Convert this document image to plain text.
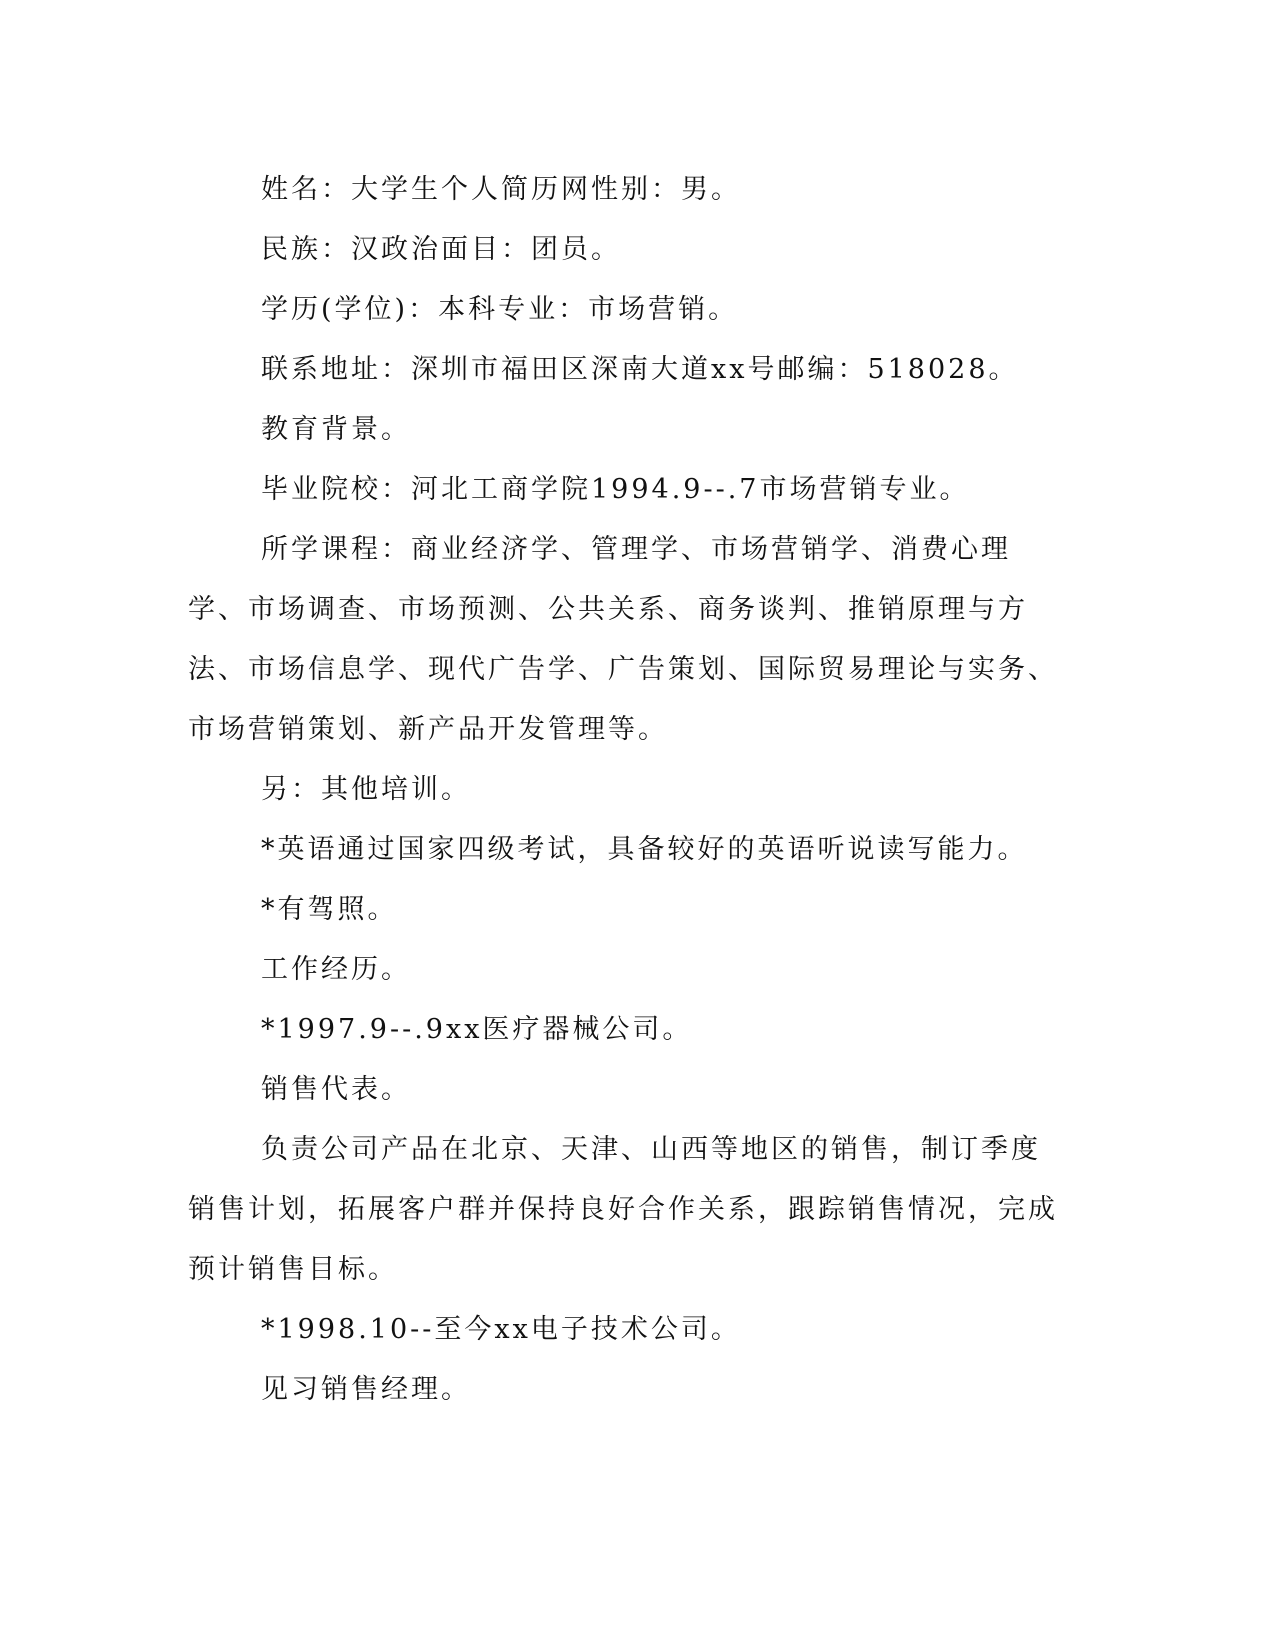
姓名：大学生个人简历网性别：男。

民族：汉政治面目：团员。

学历(学位)：本科专业：市场营销。

联系地址：深圳市福田区深南大道xx号邮编：518028。

教育背景。

毕业院校：河北工商学院1994.9--.7市场营销专业。

所学课程：商业经济学、管理学、市场营销学、消费心理学、市场调查、市场预测、公共关系、商务谈判、推销原理与方法、市场信息学、现代广告学、广告策划、国际贸易理论与实务、市场营销策划、新产品开发管理等。

另：其他培训。

*英语通过国家四级考试，具备较好的英语听说读写能力。

*有驾照。

工作经历。

*1997.9--.9xx医疗器械公司。

销售代表。

负责公司产品在北京、天津、山西等地区的销售，制订季度销售计划，拓展客户群并保持良好合作关系，跟踪销售情况，完成预计销售目标。

*1998.10--至今xx电子技术公司。

见习销售经理。
